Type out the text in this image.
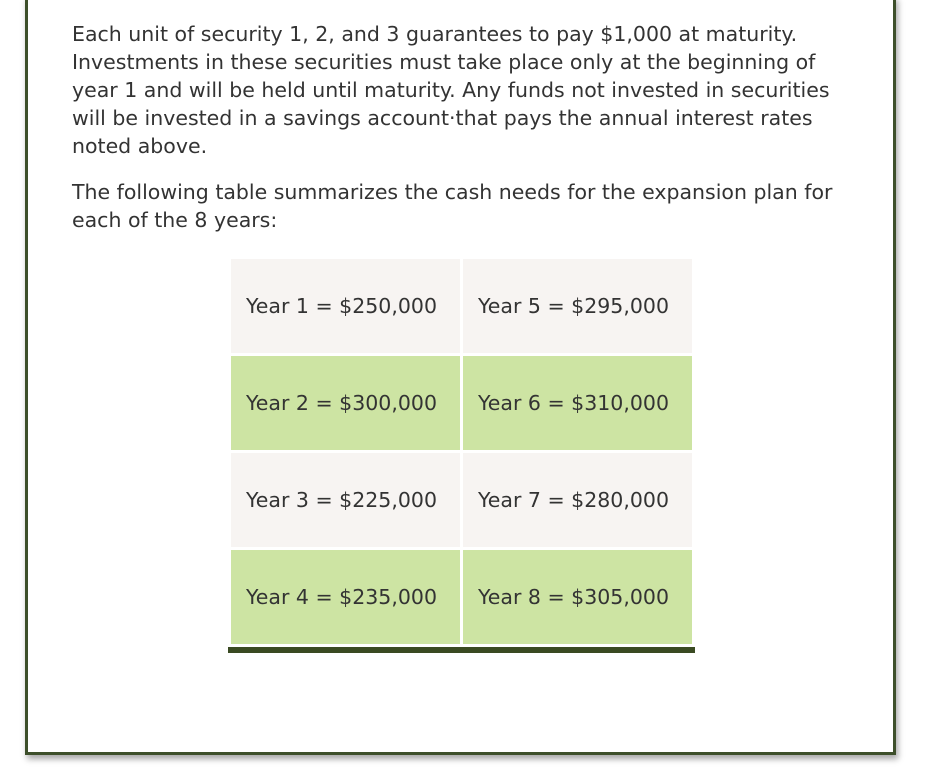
Each unit of security 1, 2, and 3 guarantees to pay $1,000 at maturity. Investments in these securities must take place only at the beginning of year 1 and will be held until maturity. Any funds not invested in securities will be invested in a savings account·that pays the annual interest rates noted above.

The following table summarizes the cash needs for the expansion plan for each of the 8 years:

Year 1 = $250,000	Year 5 = $295,000
Year 2 = $300,000	Year 6 = $310,000
Year 3 = $225,000	Year 7 = $280,000
Year 4 = $235,000	Year 8 = $305,000
